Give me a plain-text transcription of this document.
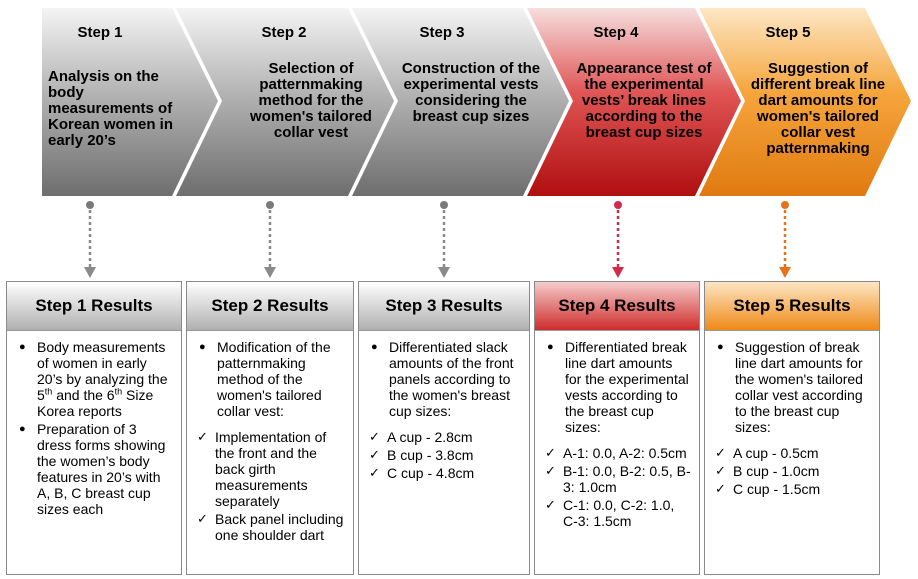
Step 1
Analysis on the body measurements of Korean women in early 20’s
Step 2
Selection of patternmaking method for the women's tailored collar vest
Step 3
Construction of the experimental vests considering the breast cup sizes
Step 4
Appearance test of the experimental vests’ break lines according to the breast cup sizes
Step 5
Suggestion of different break line dart amounts for women's tailored collar vest patternmaking
Step 1 Results
● Body measurements of women in early 20’s by analyzing the 5th and the 6th Size Korea reports
● Preparation of 3 dress forms showing the women’s body features in 20’s with A, B, C breast cup sizes each
Step 2 Results
● Modification of the patternmaking method of the women's tailored collar vest:
✓ Implementation of the front and the back girth measurements separately
✓ Back panel including one shoulder dart
Step 3 Results
● Differentiated slack amounts of the front panels according to the women's breast cup sizes:
✓ A cup - 2.8cm
✓ B cup - 3.8cm
✓ C cup - 4.8cm
Step 4 Results
● Differentiated break line dart amounts for the experimental vests according to the breast cup sizes:
✓ A-1: 0.0, A-2: 0.5cm
✓ B-1: 0.0, B-2: 0.5, B-3: 1.0cm
✓ C-1: 0.0, C-2: 1.0, C-3: 1.5cm
Step 5 Results
● Suggestion of break line dart amounts for the women's tailored collar vest according to the breast cup sizes:
✓ A cup - 0.5cm
✓ B cup - 1.0cm
✓ C cup - 1.5cm
